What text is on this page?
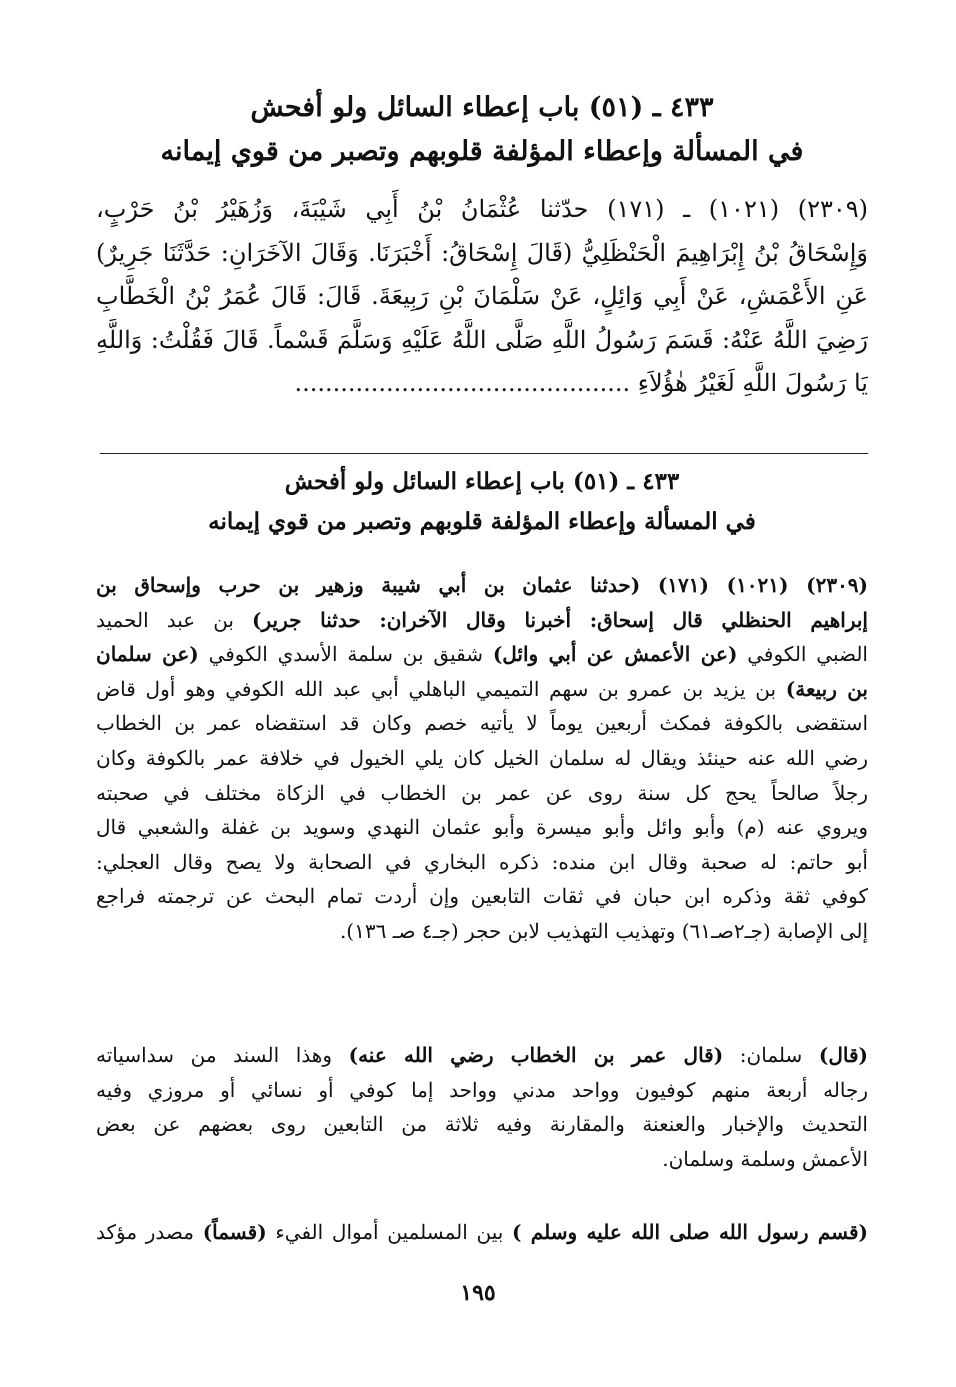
٤٣٣ ـ (٥١) باب إعطاء السائل ولو أفحش
في المسألة وإعطاء المؤلفة قلوبهم وتصبر من قوي إيمانه
(٢٣٠٩) (١٠٢١) ـ (١٧١) حدّثنا عُثْمَانُ بْنُ أَبِي شَيْبَةَ، وَزُهَيْرُ بْنُ حَرْبٍ،
وَإِسْحَاقُ بْنُ إِبْرَاهِيمَ الْحَنْظَلِيُّ (قَالَ إِسْحَاقُ: أَخْبَرَنَا. وَقَالَ الآخَرَانِ: حَدَّثَنَا جَرِيرٌ)
عَنِ الأَعْمَشِ، عَنْ أَبِي وَائِلٍ، عَنْ سَلْمَانَ بْنِ رَبِيعَةَ. قَالَ: قَالَ عُمَرُ بْنُ الْخَطَّابِ
رَضِيَ اللَّهُ عَنْهُ: قَسَمَ رَسُولُ اللَّهِ صَلَّى اللَّهُ عَلَيْهِ وَسَلَّمَ قَسْماً. قَالَ فَقُلْتُ: وَاللَّهِ
يَا رَسُولَ اللَّهِ لَغَيْرُ هٰؤُلاَءِ ............................................
٤٣٣ ـ (٥١) باب إعطاء السائل ولو أفحش
في المسألة وإعطاء المؤلفة قلوبهم وتصبر من قوي إيمانه
(٢٣٠٩) (١٠٢١) (١٧١) (حدثنا عثمان بن أبي شيبة وزهير بن حرب وإسحاق بن
إبراهيم الحنظلي قال إسحاق: أخبرنا وقال الآخران: حدثنا جرير) بن عبد الحميد
الضبي الكوفي (عن الأعمش عن أبي وائل) شقيق بن سلمة الأسدي الكوفي (عن سلمان
بن ربيعة) بن يزيد بن عمرو بن سهم التميمي الباهلي أبي عبد الله الكوفي وهو أول قاض
استقضى بالكوفة فمكث أربعين يوماً لا يأتيه خصم وكان قد استقضاه عمر بن الخطاب
رضي الله عنه حينئذ ويقال له سلمان الخيل كان يلي الخيول في خلافة عمر بالكوفة وكان
رجلاً صالحاً يحج كل سنة روى عن عمر بن الخطاب في الزكاة مختلف في صحبته
ويروي عنه (م) وأبو وائل وأبو ميسرة وأبو عثمان النهدي وسويد بن غفلة والشعبي قال
أبو حاتم: له صحبة وقال ابن منده: ذكره البخاري في الصحابة ولا يصح وقال العجلي:
كوفي ثقة وذكره ابن حبان في ثقات التابعين وإن أردت تمام البحث عن ترجمته فراجع
إلى الإصابة (جـ٢صـ٦١) وتهذيب التهذيب لابن حجر (جـ٤ صـ ١٣٦).
(قال) سلمان: (قال عمر بن الخطاب رضي الله عنه) وهذا السند من سداسياته
رجاله أربعة منهم كوفيون وواحد مدني وواحد إما كوفي أو نسائي أو مروزي وفيه
التحديث والإخبار والعنعنة والمقارنة وفيه ثلاثة من التابعين روى بعضهم عن بعض
الأعمش وسلمة وسلمان.
(قسم رسول الله صلى الله عليه وسلم ) بين المسلمين أموال الفيء (قسماً) مصدر مؤكد
١٩٥
